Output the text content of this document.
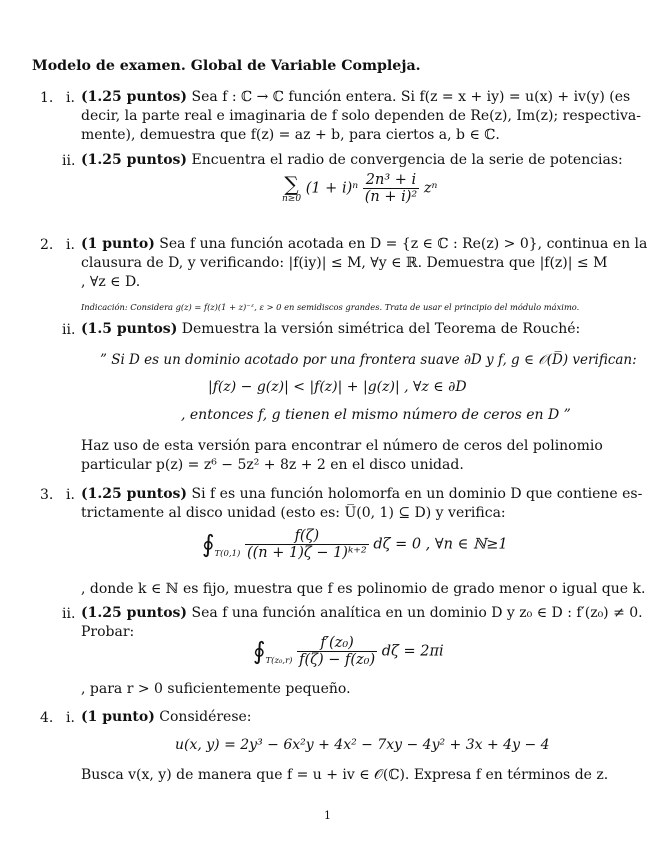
Modelo de examen. Global de Variable Compleja.
1. i. (1.25 puntos) Sea f : ℂ → ℂ función entera. Si f(z = x + iy) = u(x) + iv(y) (es
decir, la parte real e imaginaria de f solo dependen de Re(z), Im(z); respectiva-
mente), demuestra que f(z) = az + b, para ciertos a, b ∈ ℂ.
ii. (1.25 puntos) Encuentra el radio de convergencia de la serie de potencias:
∑
n≥0
$(1 + i)^n \frac{\text{2n³ + i}}{\text{(n + i)²}}$ zⁿ
2. i. (1 punto) Sea f una función acotada en D = {z ∈ ℂ : Re(z) > 0}, continua en la
clausura de D, y verificando: |f(iy)| ≤ M, ∀y ∈ ℝ. Demuestra que |f(z)| ≤ M
, ∀z ∈ D.
Indicación: Considera g(z) = f(z)(1 + z)⁻ᵋ, ε > 0 en semidiscos grandes. Trata de usar el principio del módulo máximo.
ii. (1.5 puntos) Demuestra la versión simétrica del Teorema de Rouché:
” Si D es un dominio acotado por una frontera suave ∂D y f, g ∈ 𝒪(D̅) verifican:
|f(z) − g(z)| < |f(z)| + |g(z)| , ∀z ∈ ∂D
, entonces f, g tienen el mismo número de ceros en D ”
Haz uso de esta versión para encontrar el número de ceros del polinomio
particular p(z) = z⁶ − 5z² + 8z + 2 en el disco unidad.
3. i. (1.25 puntos) Si f es una función holomorfa en un dominio D que contiene es-
trictamente al disco unidad (esto es: U̅(0, 1) ⊆ D) y verifica:
$∮_{T(0,1)} \frac{f(\zeta)}{\text{((n + 1)ζ − 1)ᵏ⁺²}}$ dζ = 0 , ∀n ∈ ℕ≥1
, donde k ∈ ℕ es fijo, muestra que f es polinomio de grado menor o igual que k.
ii. (1.25 puntos) Sea f una función analítica en un dominio D y z₀ ∈ D : f′(z₀) ≠ 0.
Probar:
$∮_{T(z_0,r)} \frac{\text{f′(z₀)}}{\text{f(ζ) − f(z₀)}}$ dζ = 2πi
, para r > 0 suficientemente pequeño.
4. i. (1 punto) Considérese:
u(x, y) = 2y³ − 6x²y + 4x² − 7xy − 4y² + 3x + 4y − 4
Busca v(x, y) de manera que f = u + iv ∈ 𝒪(ℂ). Expresa f en términos de z.
1
